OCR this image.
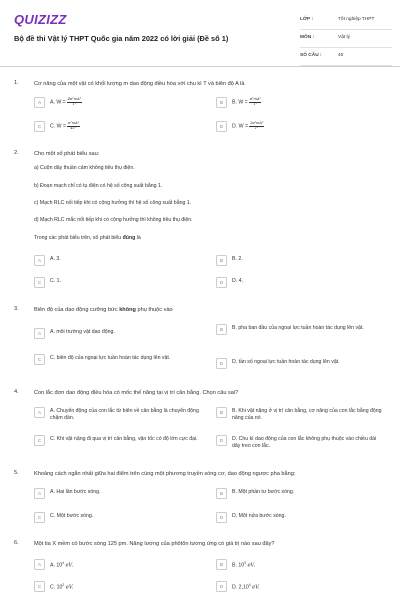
QUIZIZZ
Bộ đề thi Vật lý THPT Quốc gia năm 2022 có lời giải (Đề số 1)
LỚP :	Tốt nghiệp THPT
MÔN :	Vật lý
SỐ CÂU :	40
1.	Cơ năng của một vật có khối lượng m dao động điều hòa với chu kì T và biên độ A là
A	A. $W = \frac{\text{4π²mA²}}{\text{T²}}$	B	B. $W = \frac{\text{π²mA²}}{\text{T²}}$
C	C. $W = \frac{\text{π²mA²}}{\text{4T²}}$	D	D. $W = \frac{\text{2π²mA²}}{\text{T²}}$
2.	Cho một số phát biểu sau:
a) Cuộn dây thuần cảm không tiêu thụ điện.
b) Đoạn mạch chỉ có tụ điện có hệ số công suất bằng 1.
c) Mạch RLC nối tiếp khi có cộng hưởng thì hệ số công suất bằng 1.
d) Mạch RLC mắc nối tiếp khi có cộng hưởng thì không tiêu thụ điện.
Trong các phát biểu trên, số phát biểu đúng là
A	A. 3.	B	B. 2.
C	C. 1.	D	D. 4.
3.	Biên độ của dao động cưỡng bức không phụ thuộc vào
A	A. môi trường vật dao động.	B	B. pha ban đầu của ngoại lực tuần hoàn tác dụng lên vật.
C	C. biên độ của ngoại lực tuần hoàn tác dụng lên vật.
D	D. tần số ngoại lực tuần hoàn tác dụng lên vật.
4.	Con lắc đơn dao động điều hòa có mốc thế năng tại vị trí cân bằng. Chọn câu sai?
A	A. Chuyển động của con lắc từ biên về cân bằng là chuyển động chậm dần.
B	B. Khi vật nặng ở vị trí cân bằng, cơ năng của con lắc bằng động năng của nó.
C	C. Khi vật nặng đi qua vị trí cân bằng, vận tốc có độ lớn cực đại.	D	D. Chu kì dao động của con lắc không phụ thuộc vào chiều dài dây treo con lắc.
5.	Khoảng cách ngắn nhất giữa hai điểm trên cùng một phương truyền sóng cơ, dao động ngược pha bằng:
A	A. Hai lần bước sóng.	B	B. Một phần tư bước sóng.
C	C. Một bước sóng.	D	D. Một nửa bước sóng.
6.	Một tia X mềm có bước sóng 125 pm. Năng lượng của phôtôn tương ứng có giá trị nào sau đây?
A	A. $10^4$ eV.	B	B. $10^3$ eV.
C	C. $10^2$ eV.	D	D. 2,10$^4$ eV.
